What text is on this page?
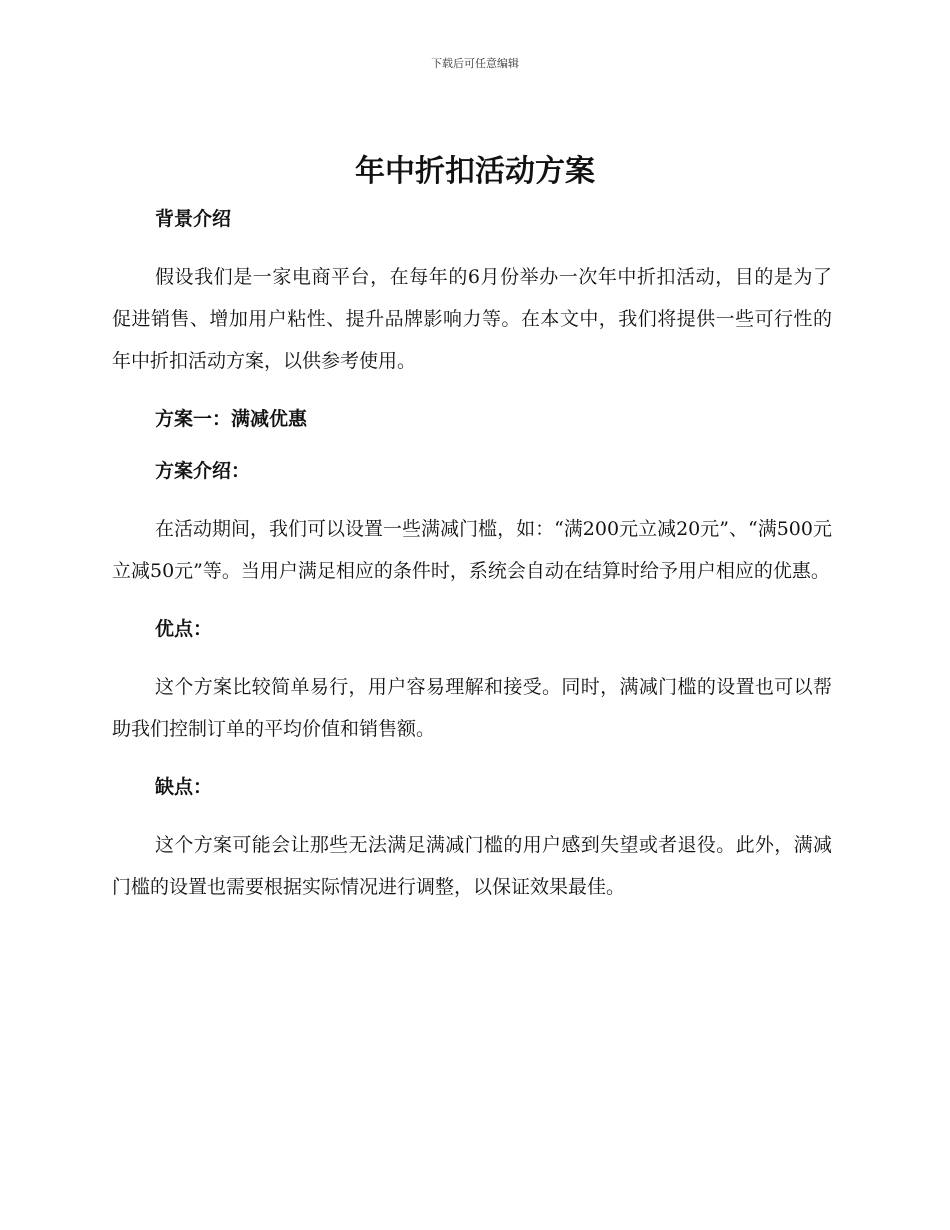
下载后可任意编辑
年中折扣活动方案

背景介绍

假设我们是一家电商平台，在每年的6月份举办一次年中折扣活动，目的是为了促进销售、增加用户粘性、提升品牌影响力等。在本文中，我们将提供一些可行性的年中折扣活动方案，以供参考使用。

方案一：满减优惠

方案介绍：

在活动期间，我们可以设置一些满减门槛，如：“满200元立减20元”、“满500元立减50元”等。当用户满足相应的条件时，系统会自动在结算时给予用户相应的优惠。

优点：

这个方案比较简单易行，用户容易理解和接受。同时，满减门槛的设置也可以帮助我们控制订单的平均价值和销售额。

缺点：

这个方案可能会让那些无法满足满减门槛的用户感到失望或者退役。此外，满减门槛的设置也需要根据实际情况进行调整，以保证效果最佳。
